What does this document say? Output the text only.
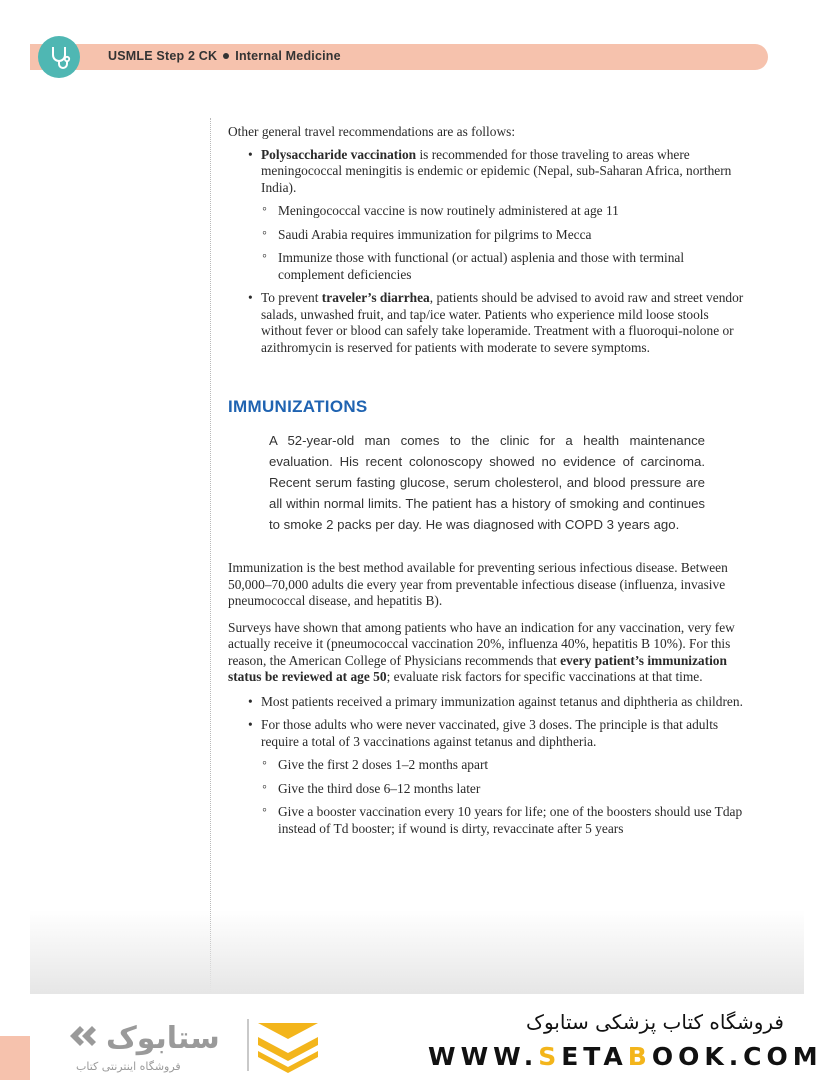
USMLE Step 2 CK Internal Medicine

Other general travel recommendations are as follows:

• Polysaccharide vaccination is recommended for those traveling to areas where meningococcal meningitis is endemic or epidemic (Nepal, sub-Saharan Africa, northern India).
◦ Meningococcal vaccine is now routinely administered at age 11
◦ Saudi Arabia requires immunization for pilgrims to Mecca
◦ Immunize those with functional (or actual) asplenia and those with terminal complement deficiencies
• To prevent traveler’s diarrhea, patients should be advised to avoid raw and street vendor salads, unwashed fruit, and tap/ice water. Patients who experience mild loose stools without fever or blood can safely take loperamide. Treatment with a fluoroqui-nolone or azithromycin is reserved for patients with moderate to severe symptoms.
IMMUNIZATIONS
A 52-year-old man comes to the clinic for a health maintenance evaluation. His recent colonoscopy showed no evidence of carcinoma. Recent serum fasting glucose, serum cholesterol, and blood pressure are all within normal limits. The patient has a history of smoking and continues to smoke 2 packs per day. He was diagnosed with COPD 3 years ago.

Immunization is the best method available for preventing serious infectious disease. Between 50,000–70,000 adults die every year from preventable infectious disease (influenza, invasive pneumococcal disease, and hepatitis B).

Surveys have shown that among patients who have an indication for any vaccination, very few actually receive it (pneumococcal vaccination 20%, influenza 40%, hepatitis B 10%). For this reason, the American College of Physicians recommends that every patient’s immunization status be reviewed at age 50; evaluate risk factors for specific vaccinations at that time.

• Most patients received a primary immunization against tetanus and diphtheria as children.
• For those adults who were never vaccinated, give 3 doses. The principle is that adults require a total of 3 vaccinations against tetanus and diphtheria.
◦ Give the first 2 doses 1–2 months apart
◦ Give the third dose 6–12 months later
◦ Give a booster vaccination every 10 years for life; one of the boosters should use Tdap instead of Td booster; if wound is dirty, revaccinate after 5 years
ستابوک
فروشگاه اینترنتی کتاب
فروشگاه کتاب پزشکی ستابوک
WWW.SETABOOK.COM
